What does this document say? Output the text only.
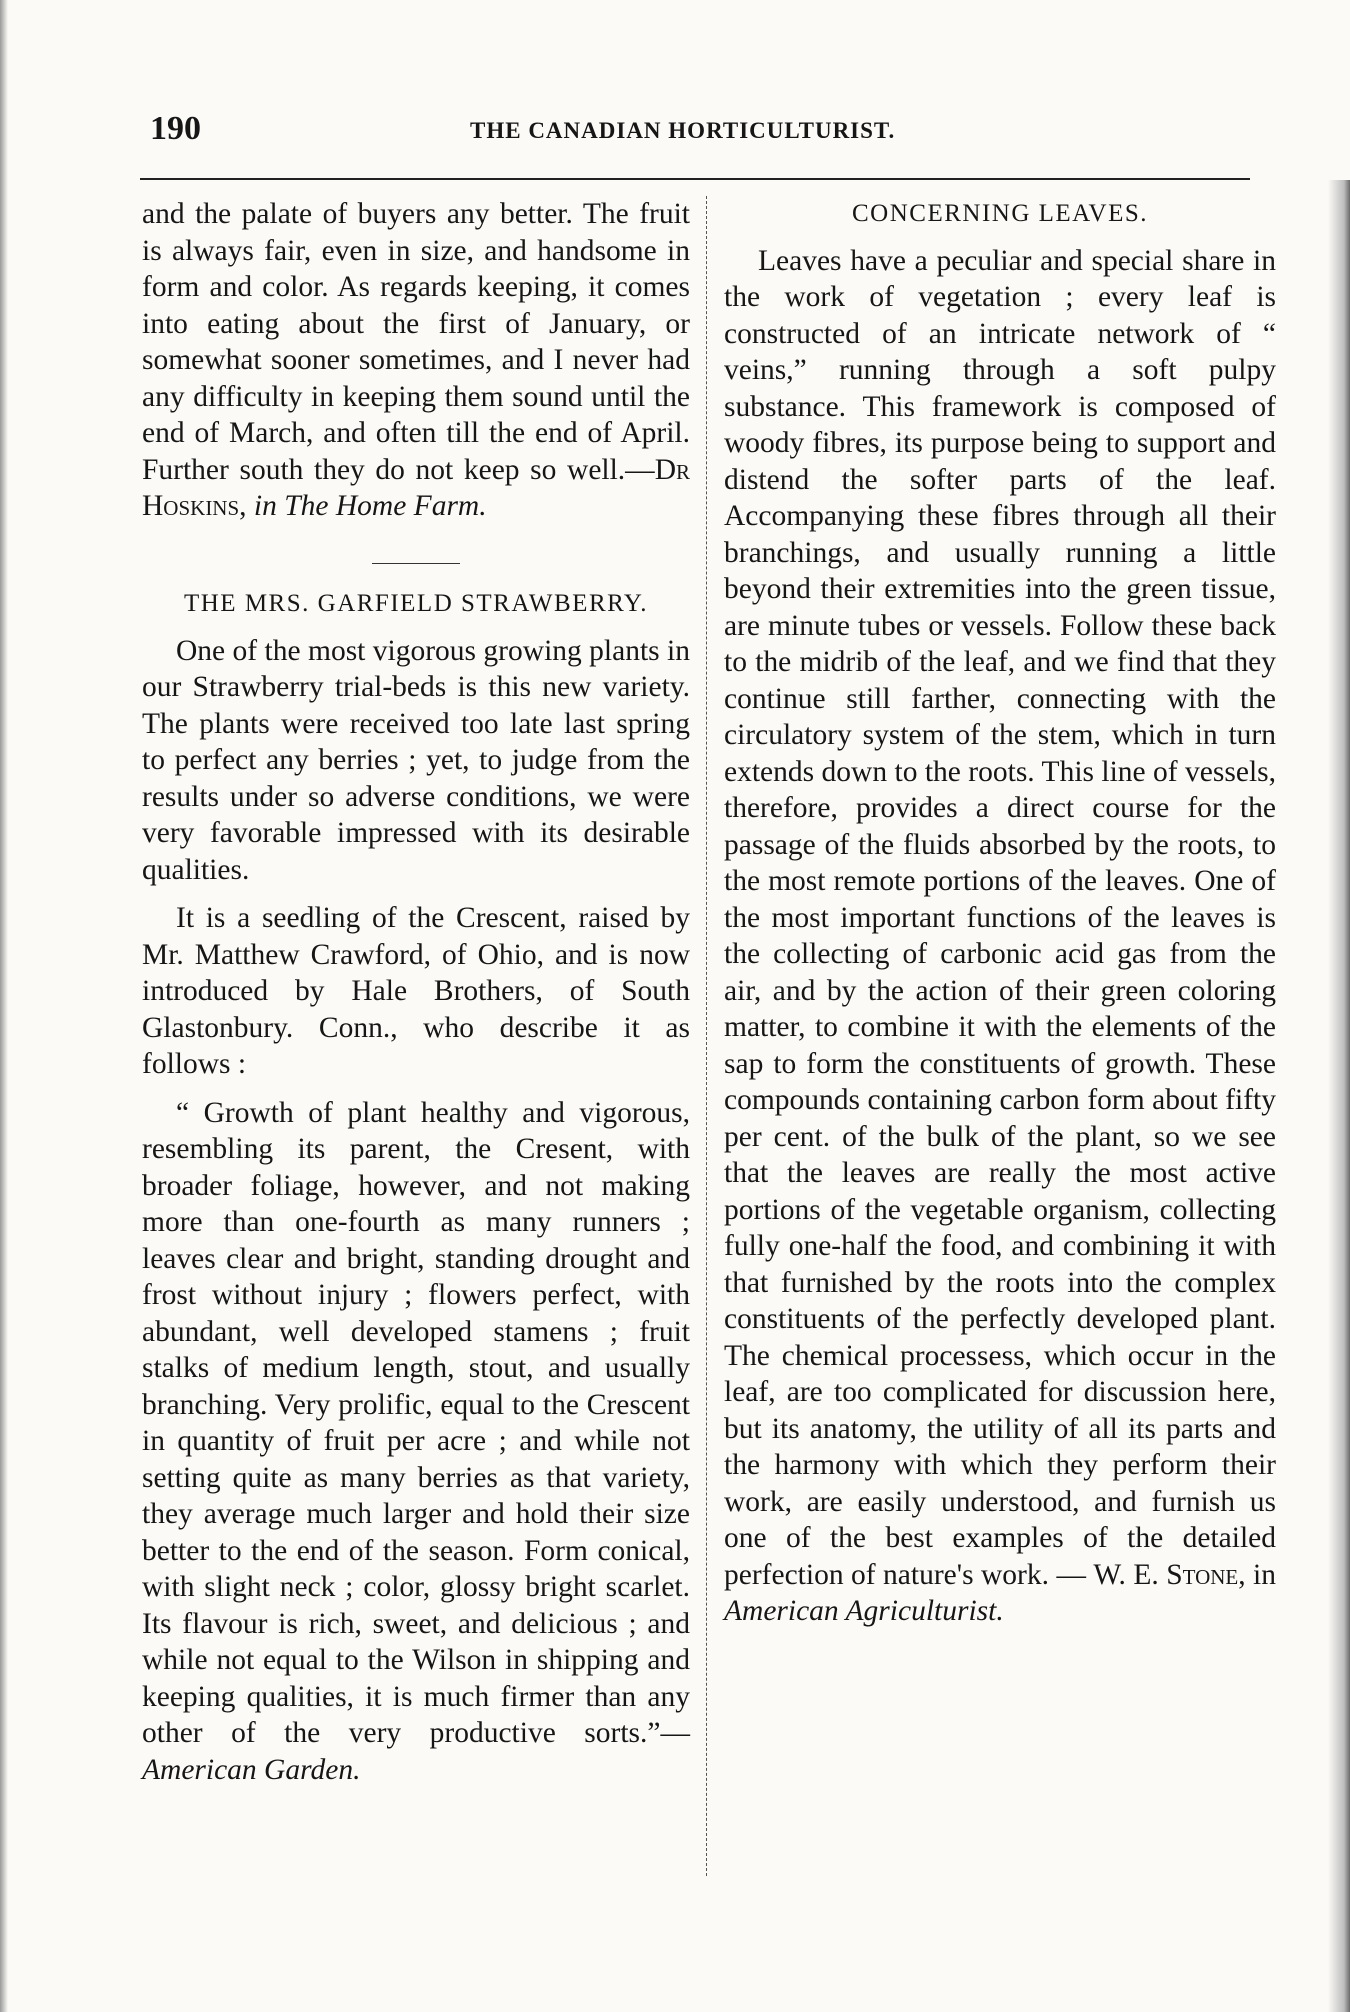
190	THE CANADIAN HORTICULTURIST.

and the palate of buyers any better. The fruit is always fair, even in size, and handsome in form and color. As regards keeping, it comes into eating about the first of January, or somewhat sooner sometimes, and I never had any difficulty in keeping them sound until the end of March, and often till the end of April. Further south they do not keep so well.—Dr Hoskins, in The Home Farm.

THE MRS. GARFIELD STRAWBERRY.

One of the most vigorous growing plants in our Strawberry trial-beds is this new variety. The plants were received too late last spring to perfect any berries ; yet, to judge from the results under so adverse conditions, we were very favorable impressed with its desirable qualities.

It is a seedling of the Crescent, raised by Mr. Matthew Crawford, of Ohio, and is now introduced by Hale Brothers, of South Glastonbury. Conn., who describe it as follows :

“ Growth of plant healthy and vigorous, resembling its parent, the Cresent, with broader foliage, however, and not making more than one-fourth as many runners ; leaves clear and bright, standing drought and frost without injury ; flowers perfect, with abundant, well developed stamens ; fruit stalks of medium length, stout, and usually branching. Very prolific, equal to the Crescent in quantity of fruit per acre ; and while not setting quite as many berries as that variety, they average much larger and hold their size better to the end of the season. Form conical, with slight neck ; color, glossy bright scarlet. Its flavour is rich, sweet, and delicious ; and while not equal to the Wilson in shipping and keeping qualities, it is much firmer than any other of the very productive sorts.”—American Garden.

CONCERNING LEAVES.

Leaves have a peculiar and special share in the work of vegetation ; every leaf is constructed of an intricate network of “ veins,” running through a soft pulpy substance. This framework is composed of woody fibres, its purpose being to support and distend the softer parts of the leaf. Accompanying these fibres through all their branchings, and usually running a little beyond their extremities into the green tissue, are minute tubes or vessels. Follow these back to the midrib of the leaf, and we find that they continue still farther, connecting with the circulatory system of the stem, which in turn extends down to the roots. This line of vessels, therefore, provides a direct course for the passage of the fluids absorbed by the roots, to the most remote portions of the leaves. One of the most important functions of the leaves is the collecting of carbonic acid gas from the air, and by the action of their green coloring matter, to combine it with the elements of the sap to form the constituents of growth. These compounds containing carbon form about fifty per cent. of the bulk of the plant, so we see that the leaves are really the most active portions of the vegetable organism, collecting fully one-half the food, and combining it with that furnished by the roots into the complex constituents of the perfectly developed plant. The chemical processess, which occur in the leaf, are too complicated for discussion here, but its anatomy, the utility of all its parts and the harmony with which they perform their work, are easily understood, and furnish us one of the best examples of the detailed perfection of nature's work. — W. E. Stone, in American Agriculturist.
